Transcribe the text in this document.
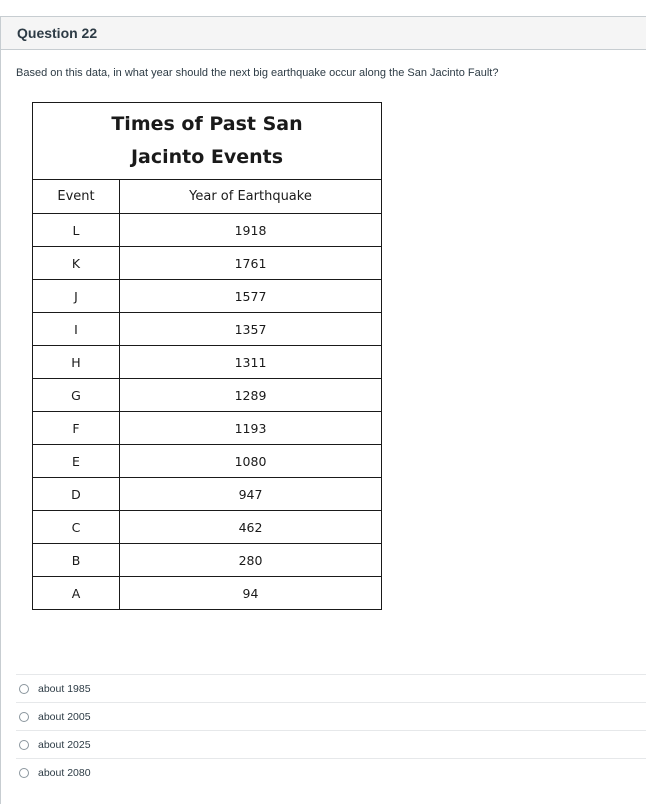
Question 22
Based on this data, in what year should the next big earthquake occur along the San Jacinto Fault?
Times of Past San
Jacinto Events	

Event	Year of Earthquake
L	1918
K	1761
J	1577
I	1357
H	1311
G	1289
F	1193
E	1080
D	947
C	462
B	280
A	94
about 1985
about 2005
about 2025
about 2080
